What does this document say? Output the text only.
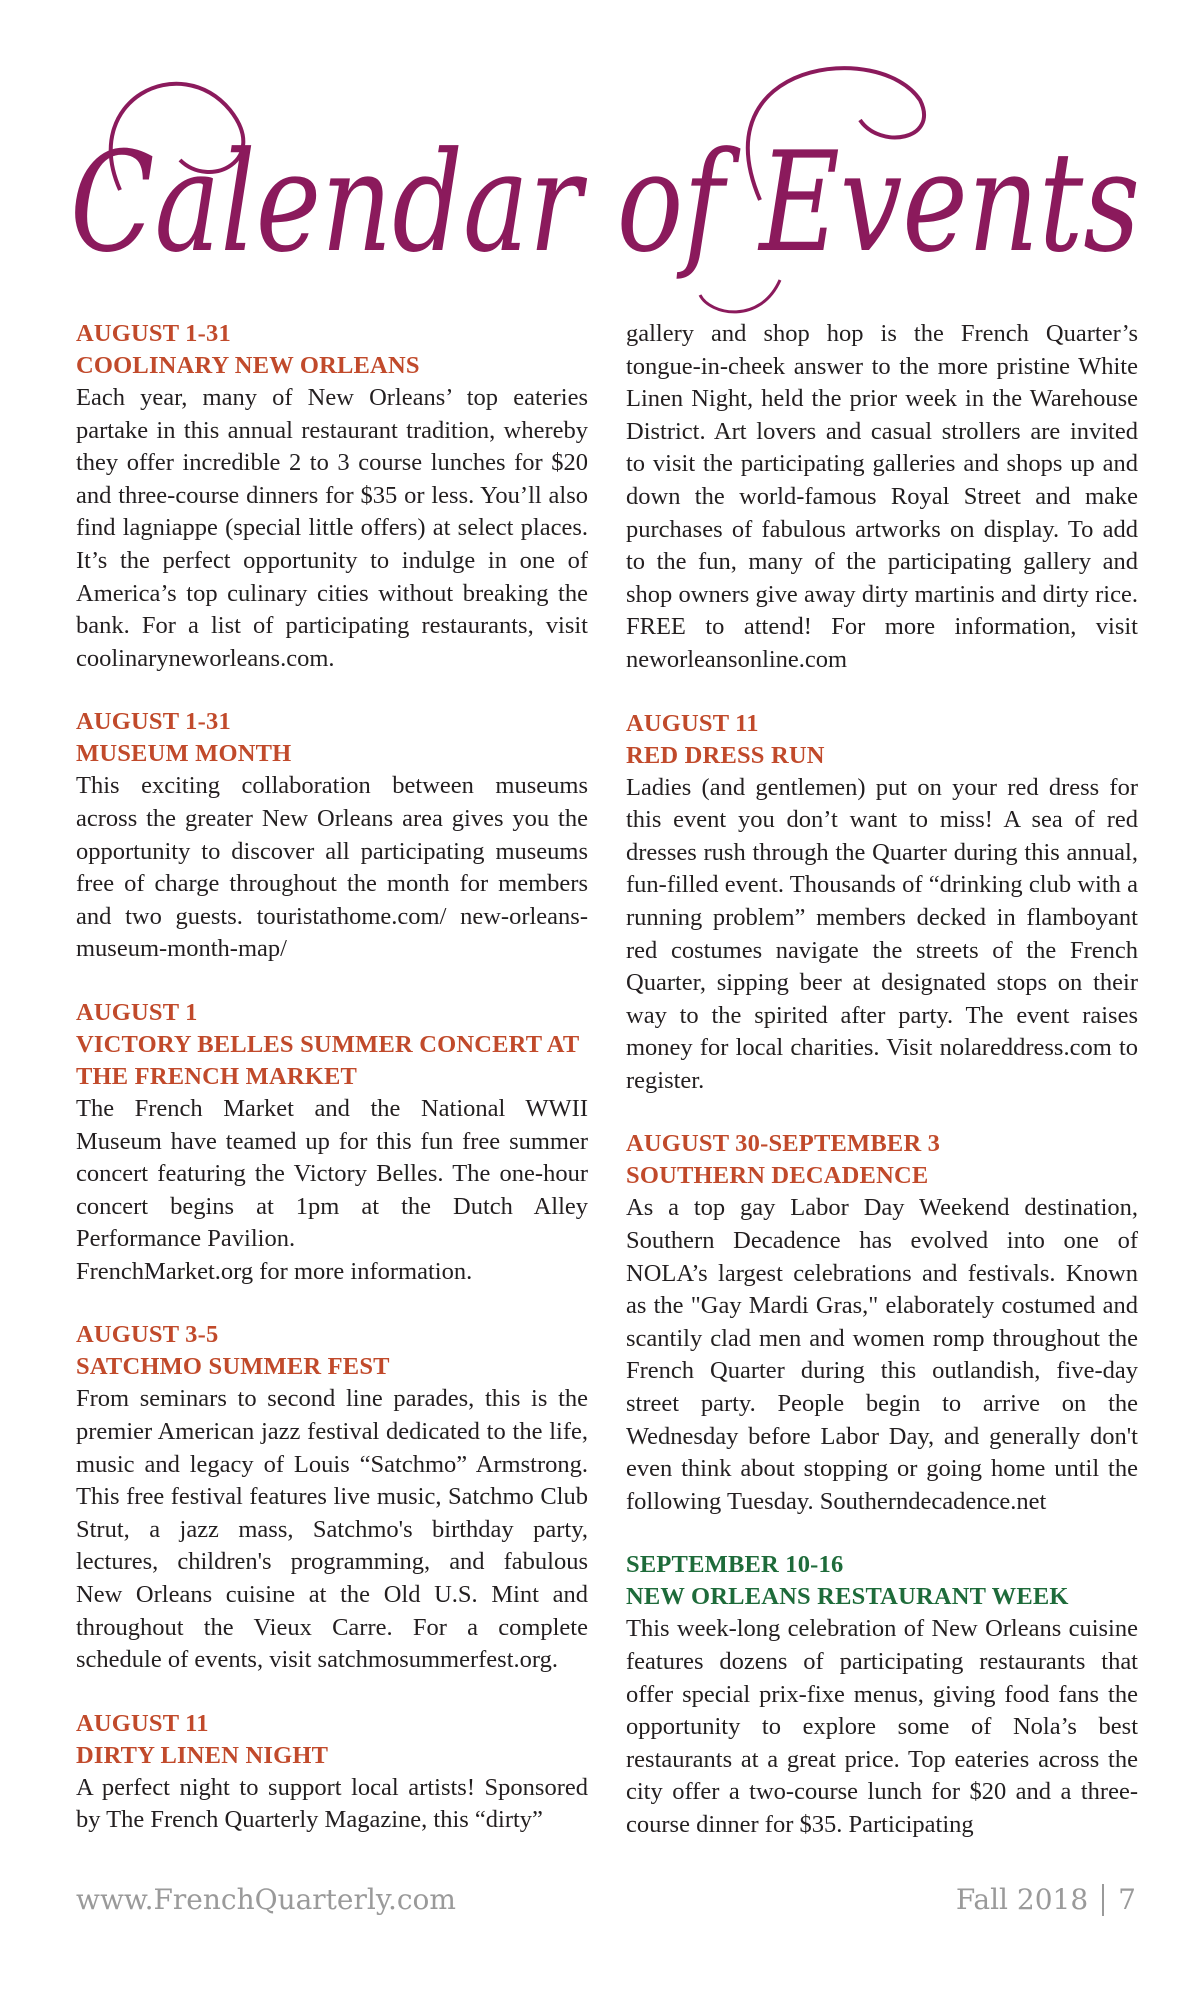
Calendar of Events
AUGUST 1-31
COOLINARY NEW ORLEANS

Each year, many of New Orleans’ top eateries partake in this annual restaurant tradition, whereby they offer incredible 2 to 3 course lunches for $20 and three-course dinners for $35 or less. You’ll also find lagniappe (special little offers) at select places. It’s the perfect opportunity to indulge in one of America’s top culinary cities without breaking the bank. For a list of participating restaurants, visit coolinaryneworleans.com.

AUGUST 1-31
MUSEUM MONTH

This exciting collaboration between museums across the greater New Orleans area gives you the opportunity to discover all participating museums free of charge throughout the month for members and two guests. touristathome.com/ new-orleans-museum-month-map/

AUGUST 1
VICTORY BELLES SUMMER CONCERT AT THE FRENCH MARKET

The French Market and the National WWII Museum have teamed up for this fun free summer concert featuring the Victory Belles. The one-hour concert begins at 1pm at the Dutch Alley Performance Pavilion.

FrenchMarket.org for more information.

AUGUST 3-5
SATCHMO SUMMER FEST

From seminars to second line parades, this is the premier American jazz festival dedicated to the life, music and legacy of Louis “Satchmo” Armstrong. This free festival features live music, Satchmo Club Strut, a jazz mass, Satchmo's birthday party, lectures, children's programming, and fabulous New Orleans cuisine at the Old U.S. Mint and throughout the Vieux Carre. For a complete schedule of events, visit satchmosummerfest.org.

AUGUST 11
DIRTY LINEN NIGHT

A perfect night to support local artists! Sponsored by The French Quarterly Magazine, this “dirty”

gallery and shop hop is the French Quarter’s tongue-in-cheek answer to the more pristine White Linen Night, held the prior week in the Warehouse District. Art lovers and casual strollers are invited to visit the participating galleries and shops up and down the world-famous Royal Street and make purchases of fabulous artworks on display. To add to the fun, many of the participating gallery and shop owners give away dirty martinis and dirty rice. FREE to attend! For more information, visit neworleansonline.com

AUGUST 11
RED DRESS RUN

Ladies (and gentlemen) put on your red dress for this event you don’t want to miss! A sea of red dresses rush through the Quarter during this annual, fun-filled event. Thousands of “drinking club with a running problem” members decked in flamboyant red costumes navigate the streets of the French Quarter, sipping beer at designated stops on their way to the spirited after party. The event raises money for local charities. Visit nolareddress.com to register.

AUGUST 30-SEPTEMBER 3
SOUTHERN DECADENCE

As a top gay Labor Day Weekend destination, Southern Decadence has evolved into one of NOLA’s largest celebrations and festivals. Known as the "Gay Mardi Gras," elaborately costumed and scantily clad men and women romp throughout the French Quarter during this outlandish, five-day street party. People begin to arrive on the Wednesday before Labor Day, and generally don't even think about stopping or going home until the following Tuesday. Southerndecadence.net

SEPTEMBER 10-16
NEW ORLEANS RESTAURANT WEEK

This week-long celebration of New Orleans cuisine features dozens of participating restaurants that offer special prix-fixe menus, giving food fans the opportunity to explore some of Nola’s best restaurants at a great price. Top eateries across the city offer a two-course lunch for $20 and a three-course dinner for $35. Participating

www.FrenchQuarterly.com	Fall 2018 7
